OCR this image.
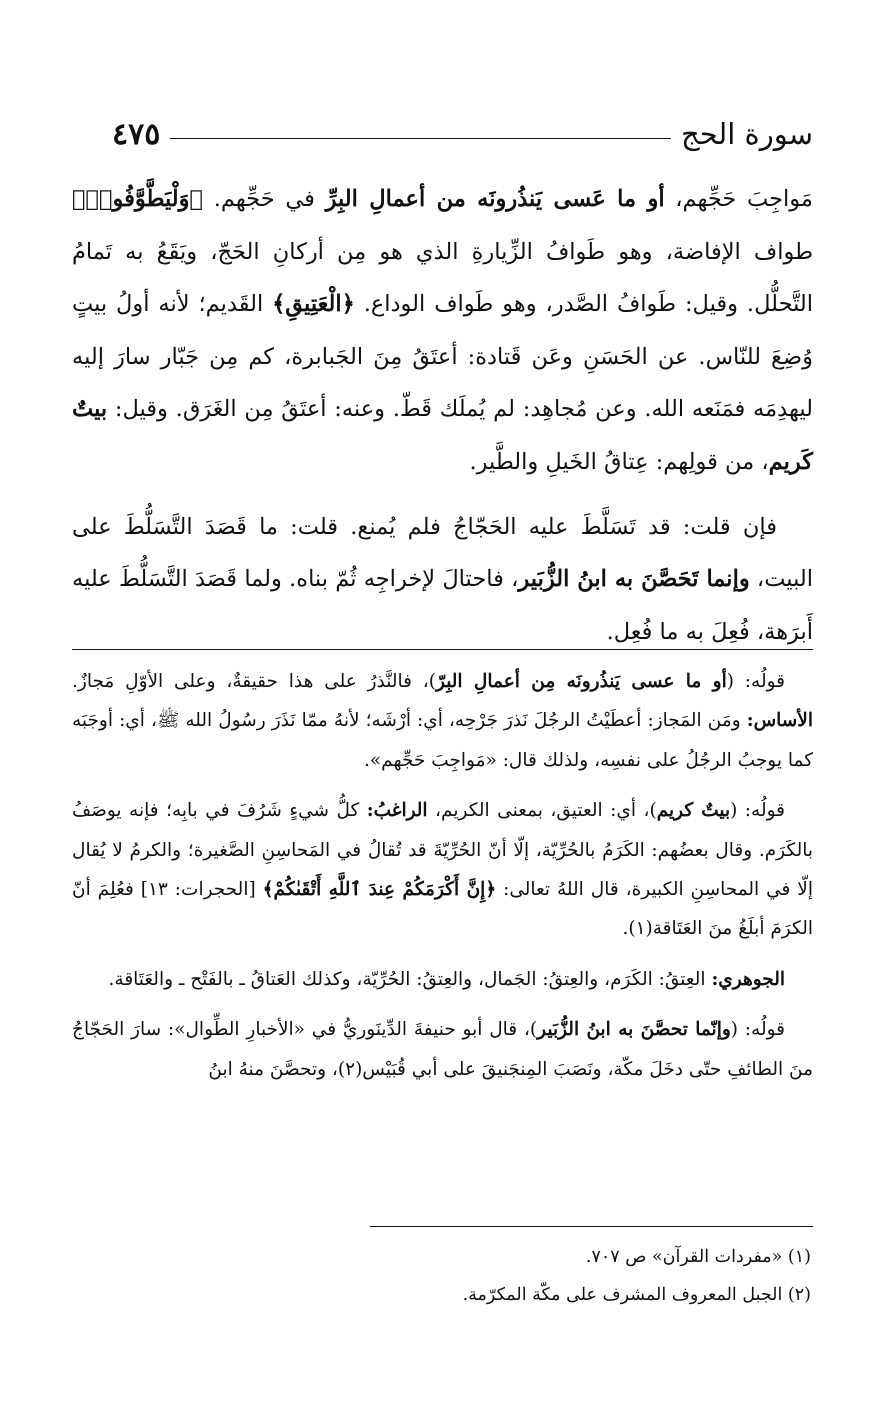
سورة الحج
٤٧٥

مَواجِبَ حَجِّهم، أو ما عَسى يَنذُرونَه من أعمالِ البِرِّ في حَجِّهم. ﴿وَلْيَطَّوَّفُوا۟﴾ طواف الإفاضة، وهو طَوافُ الزِّيارةِ الذي هو مِن أركانِ الحَجّ، ويَقَعُ به تَمامُ التَّحلُّل. وقيل: طَوافُ الصَّدر، وهو طَواف الوداع. ﴿الْعَتِيقِ﴾ القَديم؛ لأنه أولُ بيتٍ وُضِعَ للنّاس. عن الحَسَنِ وعَن قَتادة: أعتَقُ مِنَ الجَبابرة، كم مِن جَبّار سارَ إليه ليهدِمَه فمَنَعه الله. وعن مُجاهِد: لم يُملَك قَطّ. وعنه: أعتَقُ مِن الغَرَق. وقيل: بيتٌ كَريم، من قولِهم: عِتاقُ الخَيلِ والطَّير.

فإن قلت: قد تَسَلَّطَ عليه الحَجّاجُ فلم يُمنع. قلت: ما قَصَدَ التَّسَلُّطَ على البيت، وإنما تَحَصَّنَ به ابنُ الزُّبَير، فاحتالَ لإخراجِه ثُمّ بناه. ولما قَصَدَ التَّسَلُّطَ عليه أَبرَهة، فُعِلَ به ما فُعِل.

قولُه: (أو ما عسى يَنذُرونَه مِن أعمالِ البِرّ)، فالنَّذرُ على هذا حقيقةٌ، وعلى الأوّلِ مَجازٌ. الأساس: ومَن المَجاز: أعطَيْتُ الرجُلَ نَذرَ جَرْحِه، أي: أرْشَه؛ لأنهُ ممّا نَذَرَ رسُولُ الله ﷺ، أي: أوجَبَه كما يوجبُ الرجُلُ على نفسِه، ولذلك قال: «مَواجِبَ حَجِّهم».

قولُه: (بيتٌ كريم)، أي: العتيق، بمعنى الكريم، الراغبُ: كلُّ شيءٍ شَرُفَ في بابِه؛ فإنه يوصَفُ بالكَرَم. وقال بعضُهم: الكَرَمُ بالحُرِّيّة، إلّا أنّ الحُرِّيّةَ قد تُقالُ في المَحاسِنِ الصَّغيرة؛ والكرمُ لا يُقال إلّا في المحاسِنِ الكبيرة، قال اللهُ تعالى: ﴿إِنَّ أَكْرَمَكُمْ عِندَ ٱللَّهِ أَتْقَىٰكُمْ﴾ [الحجرات: ١٣] فعُلِمَ أنّ الكرَمَ أبلَغُ منَ العَتَاقة(١).

الجوهري: العِتقُ: الكَرَم، والعِتقُ: الجَمال، والعِتقُ: الحُرِّيّة، وكذلك العَتاقُ ـ بالفَتْح ـ والعَتَاقة.

قولُه: (وإنّما تحصَّنَ به ابنُ الزُّبَير)، قال أبو حنيفةَ الدِّينَوريُّ في «الأخبارِ الطِّوال»: سارَ الحَجّاجُ منَ الطائفِ حتّى دخَلَ مكّة، ونَصَبَ المِنجَنيقَ على أبي قُبَيْس(٢)، وتحصَّنَ منهُ ابنُ

(١) «مفردات القرآن» ص ٧٠٧.

(٢) الجبل المعروف المشرف على مكّة المكرّمة.
